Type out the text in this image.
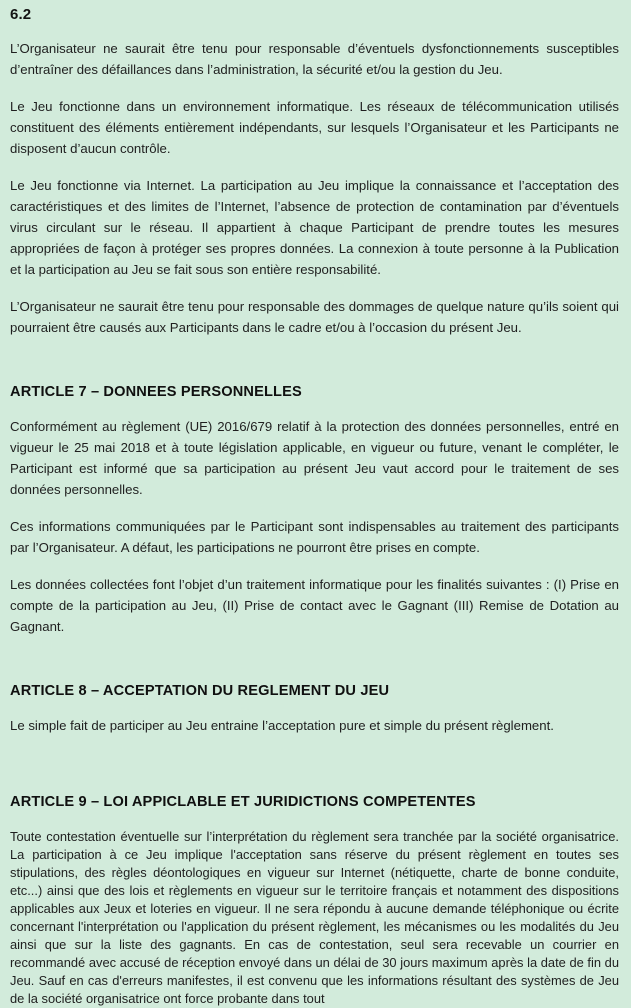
6.2

L’Organisateur ne saurait être tenu pour responsable d’éventuels dysfonctionnements susceptibles d’entraîner des défaillances dans l’administration, la sécurité et/ou la gestion du Jeu.

Le Jeu fonctionne dans un environnement informatique. Les réseaux de télécommunication utilisés constituent des éléments entièrement indépendants, sur lesquels l’Organisateur et les Participants ne disposent d’aucun contrôle.

Le Jeu fonctionne via Internet. La participation au Jeu implique la connaissance et l’acceptation des caractéristiques et des limites de l’Internet, l’absence de protection de contamination par d’éventuels virus circulant sur le réseau. Il appartient à chaque Participant de prendre toutes les mesures appropriées de façon à protéger ses propres données. La connexion à toute personne à la Publication et la participation au Jeu se fait sous son entière responsabilité.

L’Organisateur ne saurait être tenu pour responsable des dommages de quelque nature qu’ils soient qui pourraient être causés aux Participants dans le cadre et/ou à l’occasion du présent Jeu.

ARTICLE 7 – DONNEES PERSONNELLES

Conformément au règlement (UE) 2016/679 relatif à la protection des données personnelles, entré en vigueur le 25 mai 2018 et à toute législation applicable, en vigueur ou future, venant le compléter, le Participant est informé que sa participation au présent Jeu vaut accord pour le traitement de ses données personnelles.

Ces informations communiquées par le Participant sont indispensables au traitement des participants par l’Organisateur. A défaut, les participations ne pourront être prises en compte.

Les données collectées font l’objet d’un traitement informatique pour les finalités suivantes : (I) Prise en compte de la participation au Jeu, (II) Prise de contact avec le Gagnant (III) Remise de Dotation au Gagnant.

ARTICLE 8 – ACCEPTATION DU REGLEMENT DU JEU

Le simple fait de participer au Jeu entraine l’acceptation pure et simple du présent règlement.

ARTICLE 9 – LOI APPICLABLE ET JURIDICTIONS COMPETENTES

Toute contestation éventuelle sur l’interprétation du règlement sera tranchée par la société organisatrice. La participation à ce Jeu implique l'acceptation sans réserve du présent règlement en toutes ses stipulations, des règles déontologiques en vigueur sur Internet (nétiquette, charte de bonne conduite, etc...) ainsi que des lois et règlements en vigueur sur le territoire français et notamment des dispositions applicables aux Jeux et loteries en vigueur. Il ne sera répondu à aucune demande téléphonique ou écrite concernant l'interprétation ou l'application du présent règlement, les mécanismes ou les modalités du Jeu ainsi que sur la liste des gagnants. En cas de contestation, seul sera recevable un courrier en recommandé avec accusé de réception envoyé dans un délai de 30 jours maximum après la date de fin du Jeu. Sauf en cas d'erreurs manifestes, il est convenu que les informations résultant des systèmes de Jeu de la société organisatrice ont force probante dans tout
